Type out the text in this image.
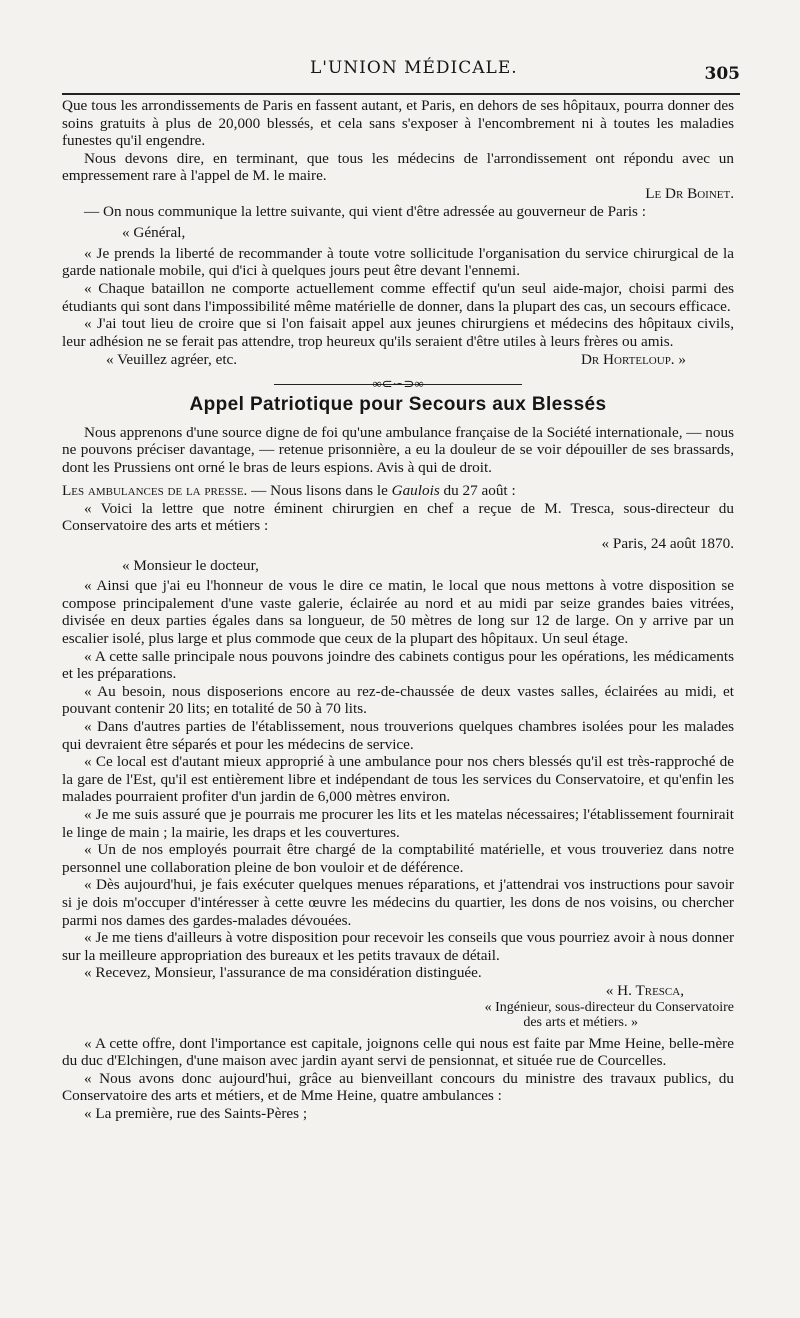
L'UNION MÉDICALE.	305

Que tous les arrondissements de Paris en fassent autant, et Paris, en dehors de ses hôpitaux, pourra donner des soins gratuits à plus de 20,000 blessés, et cela sans s'exposer à l'encombrement ni à toutes les maladies funestes qu'il engendre.

Nous devons dire, en terminant, que tous les médecins de l'arrondissement ont répondu avec un empressement rare à l'appel de M. le maire.

Le Dr Boinet.

— On nous communique la lettre suivante, qui vient d'être adressée au gouverneur de Paris :

« Général,

« Je prends la liberté de recommander à toute votre sollicitude l'organisation du service chirurgical de la garde nationale mobile, qui d'ici à quelques jours peut être devant l'ennemi.

« Chaque bataillon ne comporte actuellement comme effectif qu'un seul aide-major, choisi parmi des étudiants qui sont dans l'impossibilité même matérielle de donner, dans la plupart des cas, un secours efficace.

« J'ai tout lieu de croire que si l'on faisait appel aux jeunes chirurgiens et médecins des hôpitaux civils, leur adhésion ne se ferait pas attendre, trop heureux qu'ils seraient d'être utiles à leurs frères ou amis.

« Veuillez agréer, etc.	Dr Horteloup. »
∞⊂∽⊃∞
Appel Patriotique pour Secours aux Blessés

Nous apprenons d'une source digne de foi qu'une ambulance française de la Société internationale, — nous ne pouvons préciser davantage, — retenue prisonnière, a eu la douleur de se voir dépouiller de ses brassards, dont les Prussiens ont orné le bras de leurs espions. Avis à qui de droit.

Les ambulances de la presse. — Nous lisons dans le Gaulois du 27 août :

« Voici la lettre que notre éminent chirurgien en chef a reçue de M. Tresca, sous-directeur du Conservatoire des arts et métiers :

« Paris, 24 août 1870.

« Monsieur le docteur,

« Ainsi que j'ai eu l'honneur de vous le dire ce matin, le local que nous mettons à votre disposition se compose principalement d'une vaste galerie, éclairée au nord et au midi par seize grandes baies vitrées, divisée en deux parties égales dans sa longueur, de 50 mètres de long sur 12 de large. On y arrive par un escalier isolé, plus large et plus commode que ceux de la plupart des hôpitaux. Un seul étage.

« A cette salle principale nous pouvons joindre des cabinets contigus pour les opérations, les médicaments et les préparations.

« Au besoin, nous disposerions encore au rez-de-chaussée de deux vastes salles, éclairées au midi, et pouvant contenir 20 lits; en totalité de 50 à 70 lits.

« Dans d'autres parties de l'établissement, nous trouverions quelques chambres isolées pour les malades qui devraient être séparés et pour les médecins de service.

« Ce local est d'autant mieux approprié à une ambulance pour nos chers blessés qu'il est très-rapproché de la gare de l'Est, qu'il est entièrement libre et indépendant de tous les services du Conservatoire, et qu'enfin les malades pourraient profiter d'un jardin de 6,000 mètres environ.

« Je me suis assuré que je pourrais me procurer les lits et les matelas nécessaires; l'établissement fournirait le linge de main ; la mairie, les draps et les couvertures.

« Un de nos employés pourrait être chargé de la comptabilité matérielle, et vous trouveriez dans notre personnel une collaboration pleine de bon vouloir et de déférence.

« Dès aujourd'hui, je fais exécuter quelques menues réparations, et j'attendrai vos instructions pour savoir si je dois m'occuper d'intéresser à cette œuvre les médecins du quartier, les dons de nos voisins, ou chercher parmi nos dames des gardes-malades dévouées.

« Je me tiens d'ailleurs à votre disposition pour recevoir les conseils que vous pourriez avoir à nous donner sur la meilleure appropriation des bureaux et les petits travaux de détail.

« Recevez, Monsieur, l'assurance de ma considération distinguée.

« H. Tresca,
« Ingénieur, sous-directeur du Conservatoire
des arts et métiers. »

« A cette offre, dont l'importance est capitale, joignons celle qui nous est faite par Mme Heine, belle-mère du duc d'Elchingen, d'une maison avec jardin ayant servi de pensionnat, et située rue de Courcelles.

« Nous avons donc aujourd'hui, grâce au bienveillant concours du ministre des travaux publics, du Conservatoire des arts et métiers, et de Mme Heine, quatre ambulances :

« La première, rue des Saints-Pères ;
